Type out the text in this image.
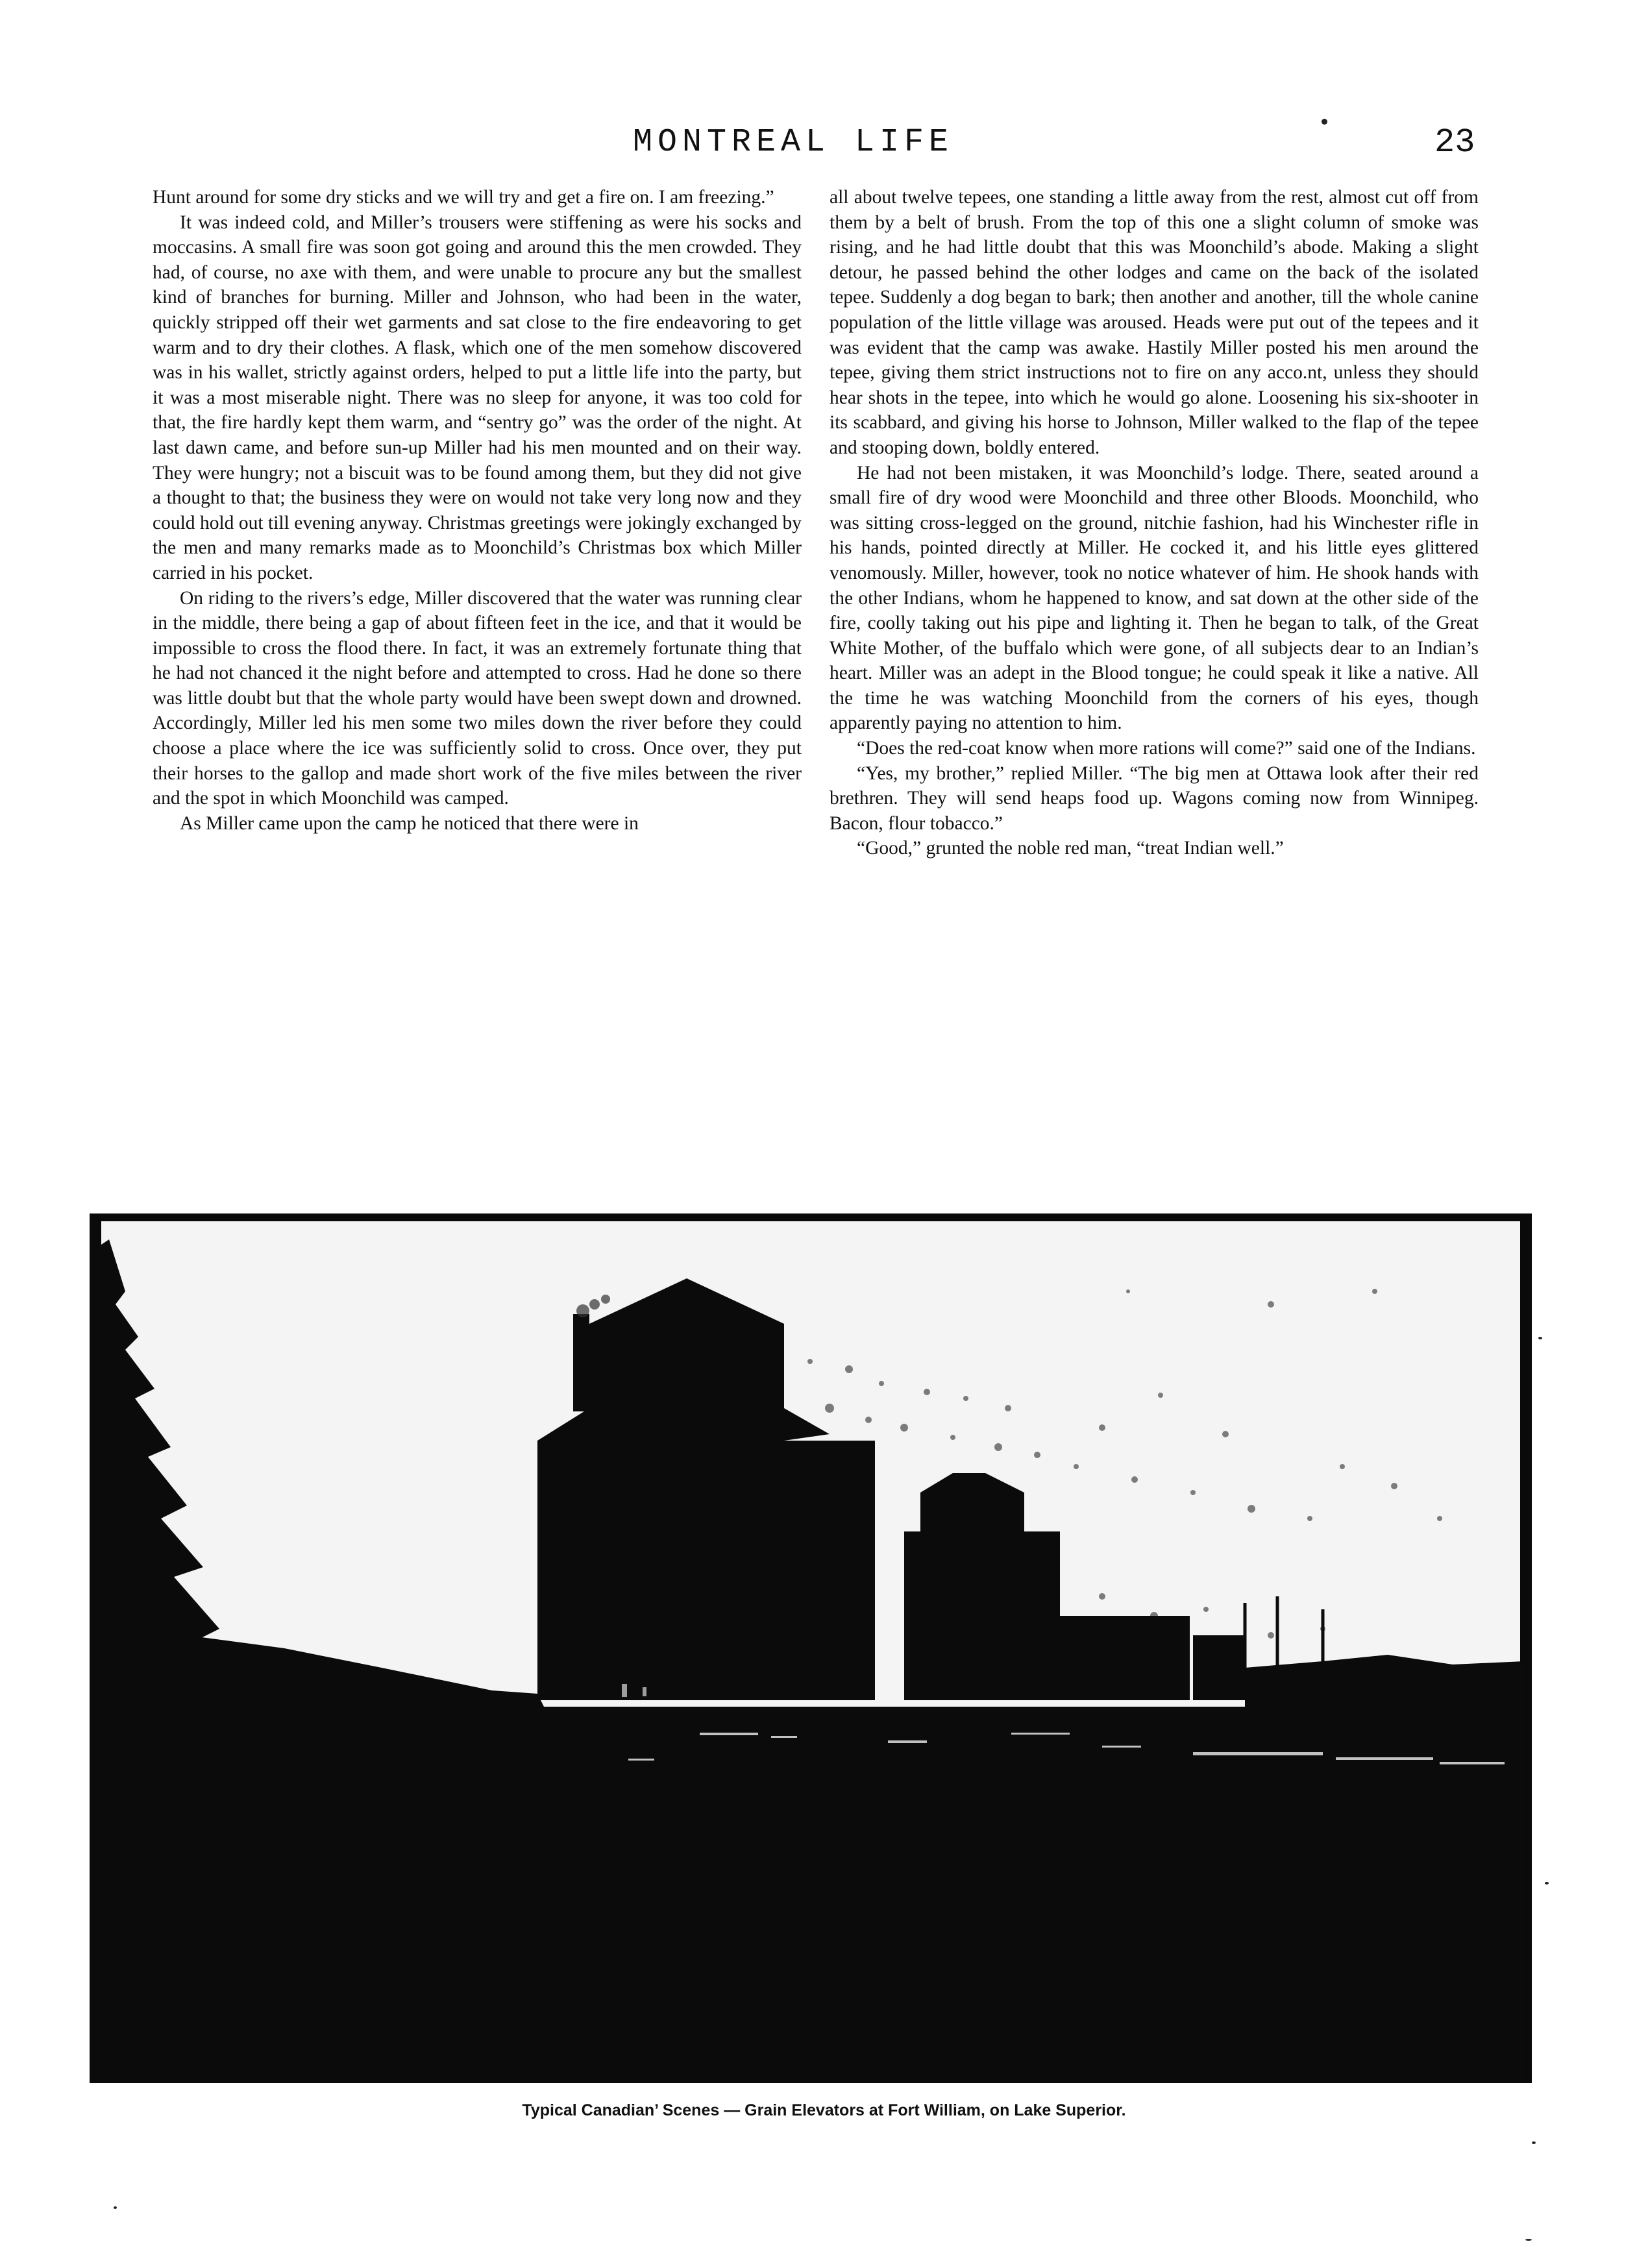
MONTREAL LIFE	23

Hunt around for some dry sticks and we will try and get a fire on. I am freezing.”

It was indeed cold, and Miller’s trousers were stiffening as were his socks and moccasins. A small fire was soon got going and around this the men crowded. They had, of course, no axe with them, and were unable to procure any but the smallest kind of branches for burning. Miller and Johnson, who had been in the water, quickly stripped off their wet garments and sat close to the fire endeavoring to get warm and to dry their clothes. A flask, which one of the men somehow discovered was in his wallet, strictly against orders, helped to put a little life into the party, but it was a most miserable night. There was no sleep for anyone, it was too cold for that, the fire hardly kept them warm, and “sentry go” was the order of the night. At last dawn came, and before sun-up Miller had his men mounted and on their way. They were hungry; not a biscuit was to be found among them, but they did not give a thought to that; the business they were on would not take very long now and they could hold out till evening anyway. Christmas greetings were jokingly exchanged by the men and many remarks made as to Moonchild’s Christmas box which Miller carried in his pocket.

On riding to the rivers’s edge, Miller discovered that the water was running clear in the middle, there being a gap of about fifteen feet in the ice, and that it would be impossible to cross the flood there. In fact, it was an extremely fortunate thing that he had not chanced it the night before and attempted to cross. Had he done so there was little doubt but that the whole party would have been swept down and drowned. Accordingly, Miller led his men some two miles down the river before they could choose a place where the ice was sufficiently solid to cross. Once over, they put their horses to the gallop and made short work of the five miles between the river and the spot in which Moonchild was camped.

As Miller came upon the camp he noticed that there were in

all about twelve tepees, one standing a little away from the rest, almost cut off from them by a belt of brush. From the top of this one a slight column of smoke was rising, and he had little doubt that this was Moonchild’s abode. Making a slight detour, he passed behind the other lodges and came on the back of the isolated tepee. Suddenly a dog began to bark; then another and another, till the whole canine population of the little village was aroused. Heads were put out of the tepees and it was evident that the camp was awake. Hastily Miller posted his men around the tepee, giving them strict instructions not to fire on any acco.nt, unless they should hear shots in the tepee, into which he would go alone. Loosening his six-shooter in its scabbard, and giving his horse to Johnson, Miller walked to the flap of the tepee and stooping down, boldly entered.

He had not been mistaken, it was Moonchild’s lodge. There, seated around a small fire of dry wood were Moonchild and three other Bloods. Moonchild, who was sitting cross-legged on the ground, nitchie fashion, had his Winchester rifle in his hands, pointed directly at Miller. He cocked it, and his little eyes glittered venomously. Miller, however, took no notice whatever of him. He shook hands with the other Indians, whom he happened to know, and sat down at the other side of the fire, coolly taking out his pipe and lighting it. Then he began to talk, of the Great White Mother, of the buffalo which were gone, of all subjects dear to an Indian’s heart. Miller was an adept in the Blood tongue; he could speak it like a native. All the time he was watching Moonchild from the corners of his eyes, though apparently paying no attention to him.

“Does the red-coat know when more rations will come?” said one of the Indians.

“Yes, my brother,” replied Miller. “The big men at Ottawa look after their red brethren. They will send heaps food up. Wagons coming now from Winnipeg. Bacon, flour tobacco.”

“Good,” grunted the noble red man, “treat Indian well.”

Typical Canadian’ Scenes — Grain Elevators at Fort William, on Lake Superior.
